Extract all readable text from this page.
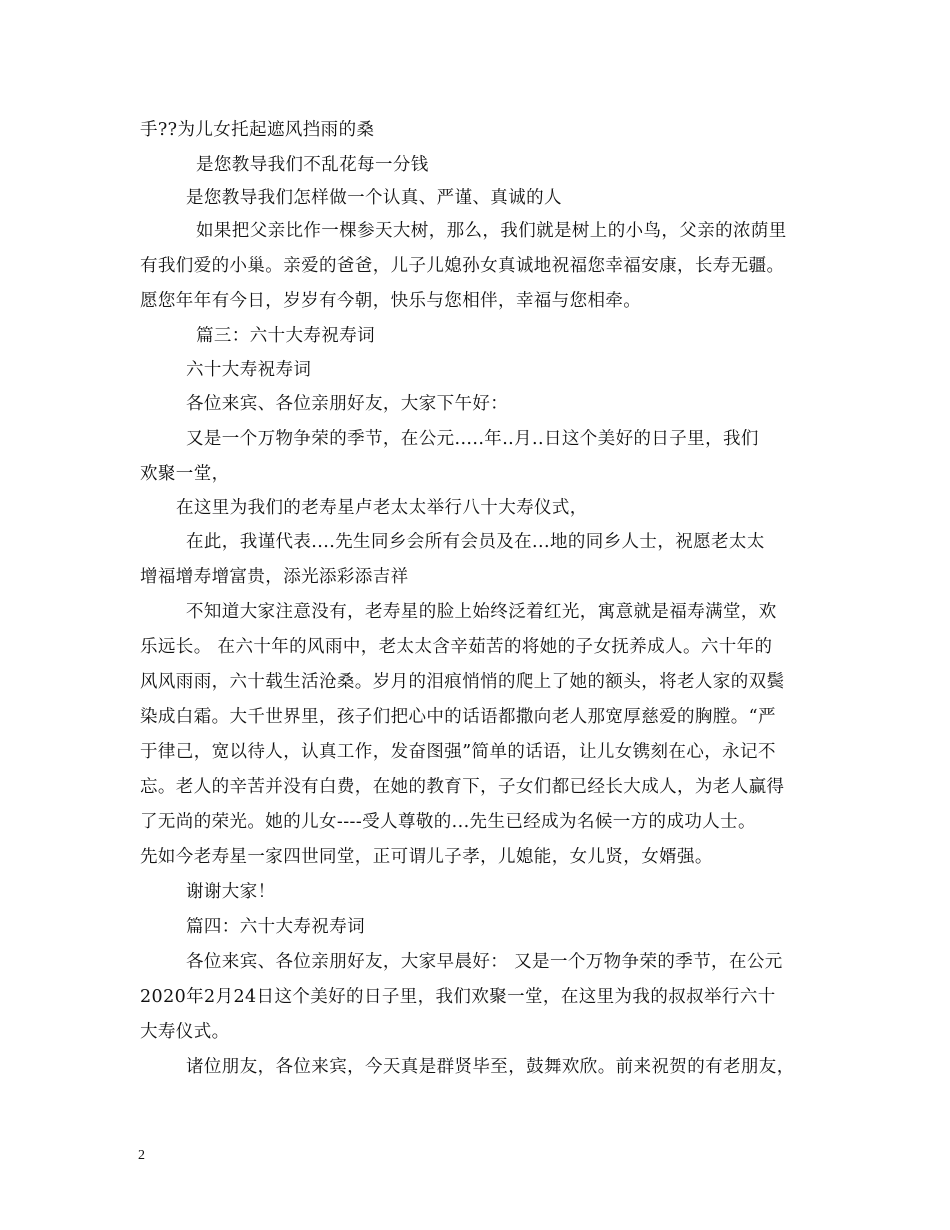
手??为儿女托起遮风挡雨的桑
是您教导我们不乱花每一分钱
是您教导我们怎样做一个认真、严谨、真诚的人
如果把父亲比作一棵参天大树，那么，我们就是树上的小鸟，父亲的浓荫里
有我们爱的小巢。亲爱的爸爸，儿子儿媳孙女真诚地祝福您幸福安康，长寿无疆。
愿您年年有今日，岁岁有今朝，快乐与您相伴，幸福与您相牵。
篇三：六十大寿祝寿词
六十大寿祝寿词
各位来宾、各位亲朋好友，大家下午好：
又是一个万物争荣的季节，在公元.....年..月..日这个美好的日子里，我们
欢聚一堂，
在这里为我们的老寿星卢老太太举行八十大寿仪式，
在此，我谨代表....先生同乡会所有会员及在...地的同乡人士，祝愿老太太
增福增寿增富贵，添光添彩添吉祥
不知道大家注意没有，老寿星的脸上始终泛着红光，寓意就是福寿满堂，欢
乐远长。 在六十年的风雨中，老太太含辛茹苦的将她的子女抚养成人。六十年的
风风雨雨，六十载生活沧桑。岁月的泪痕悄悄的爬上了她的额头，将老人家的双鬓
染成白霜。大千世界里，孩子们把心中的话语都撒向老人那宽厚慈爱的胸膛。“严
于律己，宽以待人，认真工作，发奋图强”简单的话语，让儿女镌刻在心，永记不
忘。老人的辛苦并没有白费，在她的教育下，子女们都已经长大成人，为老人赢得
了无尚的荣光。她的儿女----受人尊敬的...先生已经成为名候一方的成功人士。
先如今老寿星一家四世同堂，正可谓儿子孝，儿媳能，女儿贤，女婿强。
谢谢大家！
篇四：六十大寿祝寿词
各位来宾、各位亲朋好友，大家早晨好： 又是一个万物争荣的季节，在公元
2020年2月24日这个美好的日子里，我们欢聚一堂，在这里为我的叔叔举行六十
大寿仪式。
诸位朋友，各位来宾，今天真是群贤毕至，鼓舞欢欣。前来祝贺的有老朋友，
2
